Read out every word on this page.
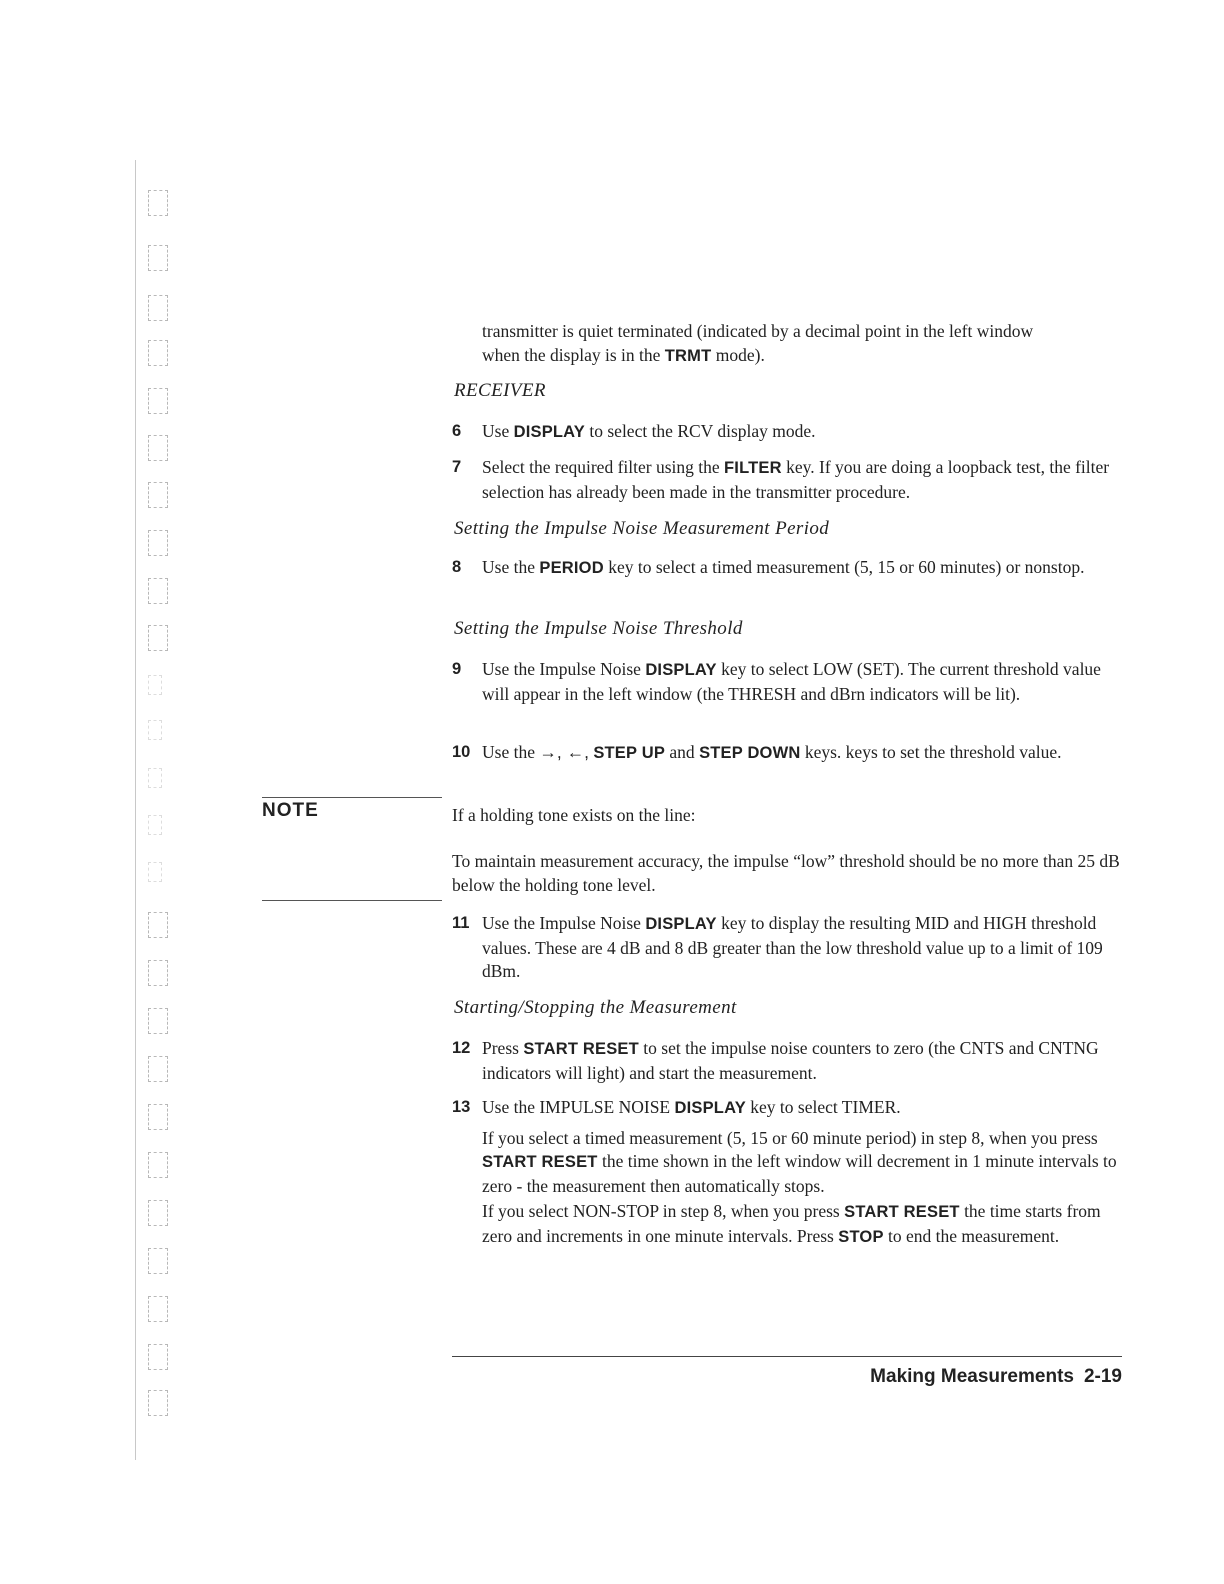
transmitter is quiet terminated (indicated by a decimal point in the left window
when the display is in the TRMT mode).
RECEIVER
6 Use DISPLAY to select the RCV display mode.
7 Select the required filter using the FILTER key. If you are doing a loopback test, the filter selection has already been made in the transmitter procedure.
Setting the Impulse Noise Measurement Period
8 Use the PERIOD key to select a timed measurement (5, 15 or 60 minutes) or nonstop.
Setting the Impulse Noise Threshold
9 Use the Impulse Noise DISPLAY key to select LOW (SET). The current threshold value will appear in the left window (the THRESH and dBrn indicators will be lit).
10 Use the →, ←, STEP UP and STEP DOWN keys. keys to set the threshold value.
NOTE	If a holding tone exists on the line:
To maintain measurement accuracy, the impulse “low” threshold should be no more than 25 dB below the holding tone level.
11 Use the Impulse Noise DISPLAY key to display the resulting MID and HIGH threshold values. These are 4 dB and 8 dB greater than the low threshold value up to a limit of 109 dBm.
Starting/Stopping the Measurement
12 Press START RESET to set the impulse noise counters to zero (the CNTS and CNTNG indicators will light) and start the measurement.
13 Use the IMPULSE NOISE DISPLAY key to select TIMER.
If you select a timed measurement (5, 15 or 60 minute period) in step 8, when you press START RESET the time shown in the left window will decrement in 1 minute intervals to zero - the measurement then automatically stops.
If you select NON-STOP in step 8, when you press START RESET the time starts from zero and increments in one minute intervals. Press STOP to end the measurement.
Making Measurements 2-19
